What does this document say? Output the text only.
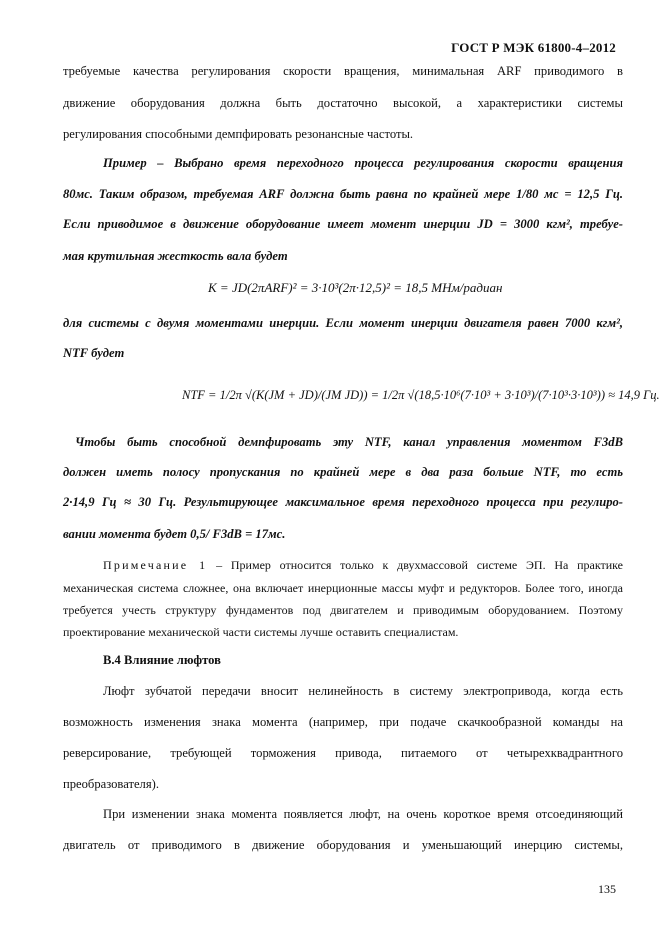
ГОСТ Р МЭК 61800-4–2012
требуемые качества регулирования скорости вращения, минимальная ARF приводимого в
движение оборудования должна быть достаточно высокой, а характеристики системы
регулирования способными демпфировать резонансные частоты.
Пример – Выбрано время переходного процесса регулирования скорости вращения
80мс. Таким образом, требуемая ARF должна быть равна по крайней мере 1/80 мс = 12,5 Гц.
Если приводимое в движение оборудование имеет момент инерции JD = 3000 кгм², требуе-
мая крутильная жесткость вала будет
K = JD(2πARF)² = 3·10³(2π·12,5)² = 18,5 МНм/радиан
для системы с двумя моментами инерции. Если момент инерции двигателя равен 7000 кгм²,
NTF будет
NTF = 1/2π √(K(JM + JD)/(JM JD)) = 1/2π √(18,5·10⁶(7·10³ + 3·10³)/(7·10³·3·10³)) ≈ 14,9 Гц.
Чтобы быть способной демпфировать эту NTF, канал управления моментом F3dB
должен иметь полосу пропускания по крайней мере в два раза больше NTF, то есть
2·14,9 Гц ≈ 30 Гц. Результирующее максимальное время переходного процесса при регулиро-
вании момента будет 0,5/ F3dB = 17мс.
Примечание 1 – Пример относится только к двухмассовой системе ЭП. На практике
механическая система сложнее, она включает инерционные массы муфт и редукторов. Более того, иногда
требуется учесть структуру фундаментов под двигателем и приводимым оборудованием. Поэтому
проектирование механической части системы лучше оставить специалистам.
В.4 Влияние люфтов
Люфт зубчатой передачи вносит нелинейность в систему электропривода, когда есть
возможность изменения знака момента (например, при подаче скачкообразной команды на
реверсирование, требующей торможения привода, питаемого от четырехквадрантного
преобразователя).
При изменении знака момента появляется люфт, на очень короткое время отсоединяющий
двигатель от приводимого в движение оборудования и уменьшающий инерцию системы,
135
